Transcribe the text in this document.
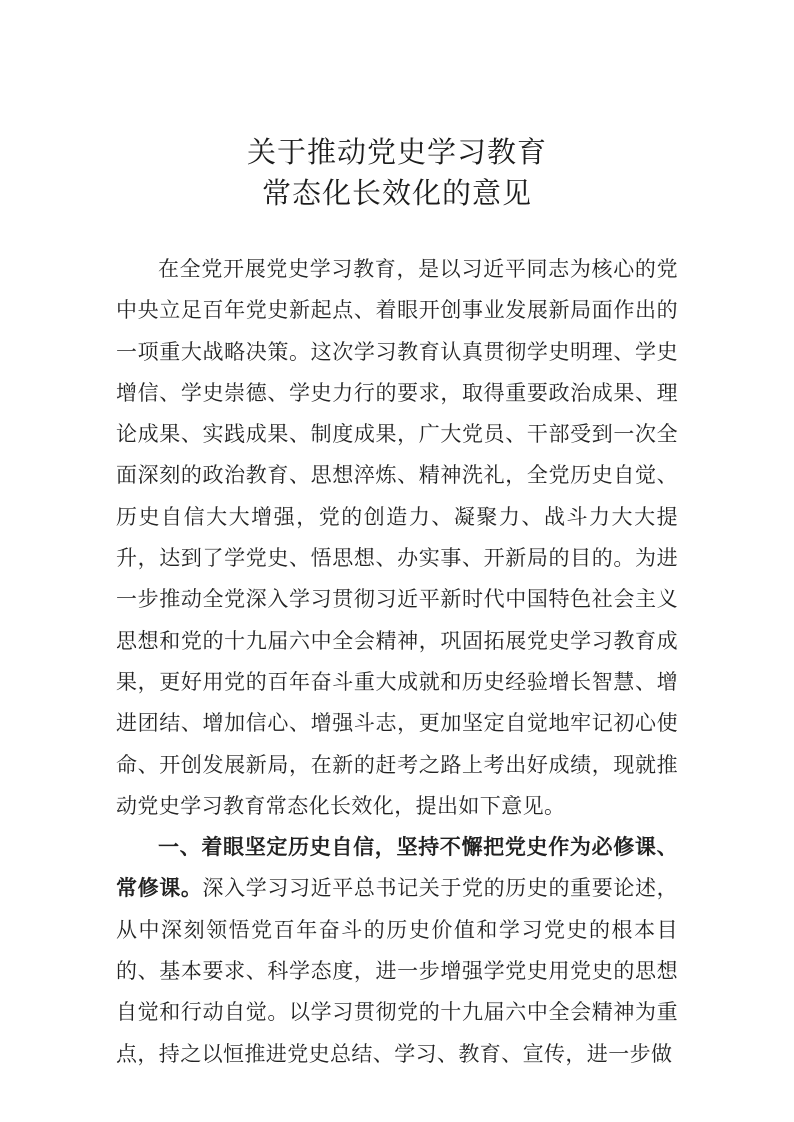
关于推动党史学习教育
常态化长效化的意见

在全党开展党史学习教育，是以习近平同志为核心的党中央立足百年党史新起点、着眼开创事业发展新局面作出的一项重大战略决策。这次学习教育认真贯彻学史明理、学史增信、学史崇德、学史力行的要求，取得重要政治成果、理论成果、实践成果、制度成果，广大党员、干部受到一次全面深刻的政治教育、思想淬炼、精神洗礼，全党历史自觉、历史自信大大增强，党的创造力、凝聚力、战斗力大大提升，达到了学党史、悟思想、办实事、开新局的目的。为进一步推动全党深入学习贯彻习近平新时代中国特色社会主义思想和党的十九届六中全会精神，巩固拓展党史学习教育成果，更好用党的百年奋斗重大成就和历史经验增长智慧、增进团结、增加信心、增强斗志，更加坚定自觉地牢记初心使命、开创发展新局，在新的赶考之路上考出好成绩，现就推动党史学习教育常态化长效化，提出如下意见。

一、着眼坚定历史自信，坚持不懈把党史作为必修课、常修课。深入学习习近平总书记关于党的历史的重要论述，从中深刻领悟党百年奋斗的历史价值和学习党史的根本目的、基本要求、科学态度，进一步增强学党史用党史的思想自觉和行动自觉。以学习贯彻党的十九届六中全会精神为重点，持之以恒推进党史总结、学习、教育、宣传，进一步做
